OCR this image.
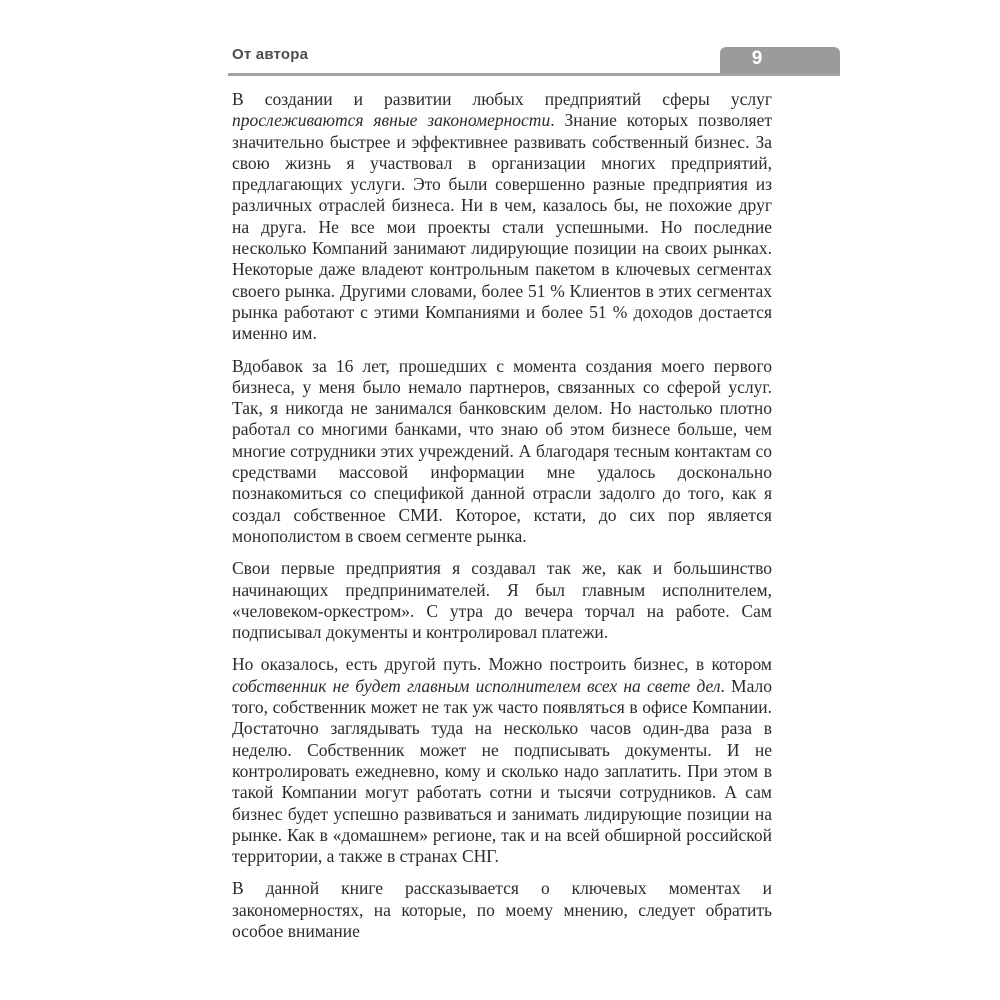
От автора	9

В создании и развитии любых предприятий сферы услуг прослеживаются явные закономерности. Знание которых позволяет значительно быстрее и эффективнее развивать собственный бизнес. За свою жизнь я участвовал в организации многих предприятий, предлагающих услуги. Это были совершенно разные предприятия из различных отраслей бизнеса. Ни в чем, казалось бы, не похожие друг на друга. Не все мои проекты стали успешными. Но последние несколько Компаний занимают лидирующие позиции на своих рынках. Некоторые даже владеют контрольным пакетом в ключевых сегментах своего рынка. Другими словами, более 51 % Клиентов в этих сегментах рынка работают с этими Компаниями и более 51 % доходов достается именно им.

Вдобавок за 16 лет, прошедших с момента создания моего первого бизнеса, у меня было немало партнеров, связанных со сферой услуг. Так, я никогда не занимался банковским делом. Но настолько плотно работал со многими банками, что знаю об этом бизнесе больше, чем многие сотрудники этих учреждений. А благодаря тесным контактам со средствами массовой информации мне удалось досконально познакомиться со спецификой данной отрасли задолго до того, как я создал собственное СМИ. Которое, кстати, до сих пор является монополистом в своем сегменте рынка.

Свои первые предприятия я создавал так же, как и большинство начинающих предпринимателей. Я был главным исполнителем, «человеком-оркестром». С утра до вечера торчал на работе. Сам подписывал документы и контролировал платежи.

Но оказалось, есть другой путь. Можно построить бизнес, в котором собственник не будет главным исполнителем всех на свете дел. Мало того, собственник может не так уж часто появляться в офисе Компании. Достаточно заглядывать туда на несколько часов один-два раза в неделю. Собственник может не подписывать документы. И не контролировать ежедневно, кому и сколько надо заплатить. При этом в такой Компании могут работать сотни и тысячи сотрудников. А сам бизнес будет успешно развиваться и занимать лидирующие позиции на рынке. Как в «домашнем» регионе, так и на всей обширной российской территории, а также в странах СНГ.

В данной книге рассказывается о ключевых моментах и закономерностях, на которые, по моему мнению, следует обратить особое внимание
